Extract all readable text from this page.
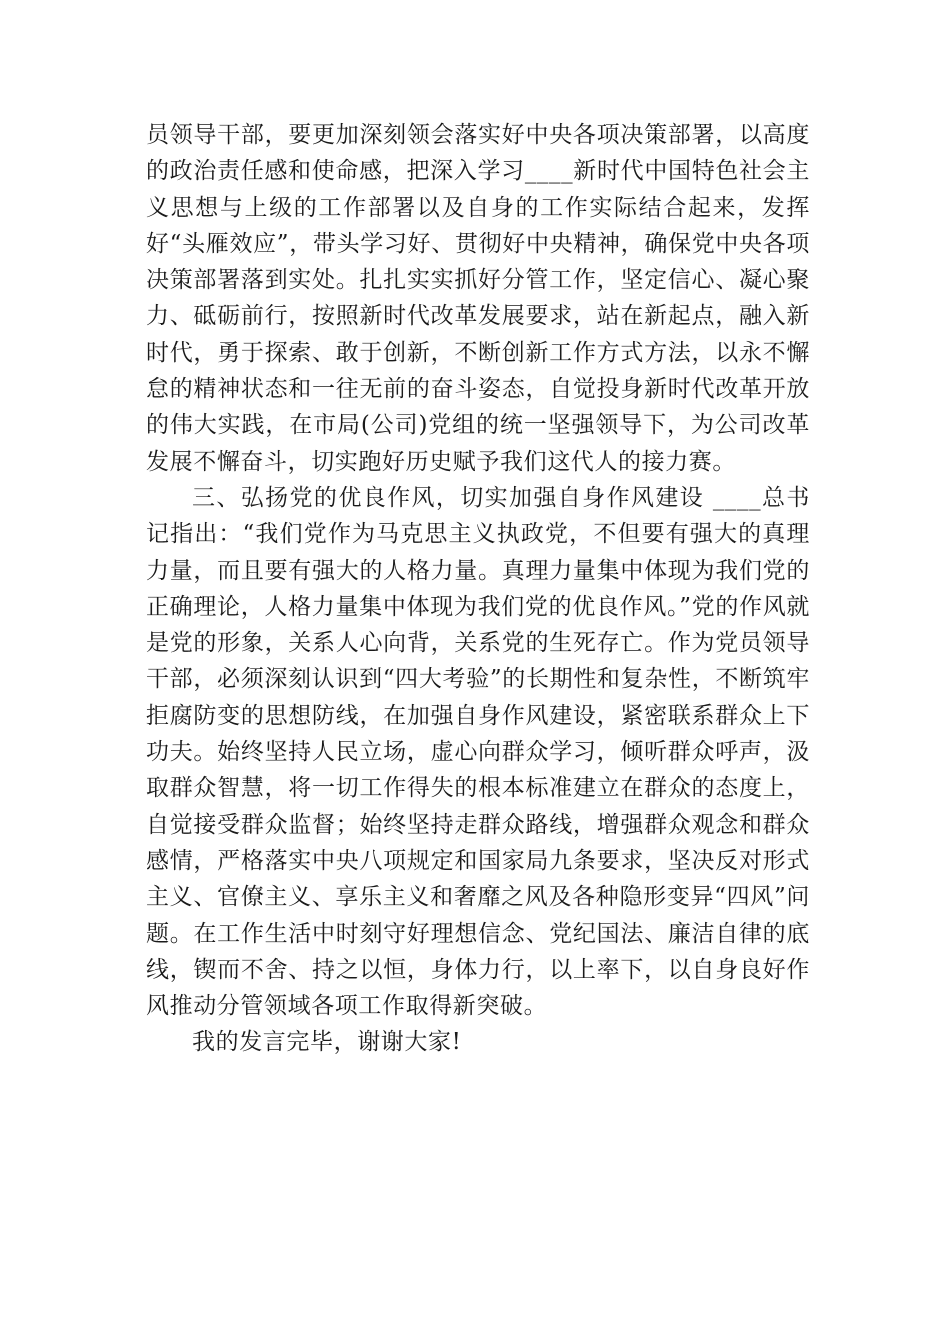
员领导干部，要更加深刻领会落实好中央各项决策部署，以高度的政治责任感和使命感，把深入学习____新时代中国特色社会主义思想与上级的工作部署以及自身的工作实际结合起来，发挥好“头雁效应”，带头学习好、贯彻好中央精神，确保党中央各项决策部署落到实处。扎扎实实抓好分管工作，坚定信心、凝心聚力、砥砺前行，按照新时代改革发展要求，站在新起点，融入新时代，勇于探索、敢于创新，不断创新工作方式方法，以永不懈怠的精神状态和一往无前的奋斗姿态，自觉投身新时代改革开放的伟大实践，在市局(公司)党组的统一坚强领导下，为公司改革发展不懈奋斗，切实跑好历史赋予我们这代人的接力赛。

三、弘扬党的优良作风，切实加强自身作风建设 ____总书记指出：“我们党作为马克思主义执政党，不但要有强大的真理力量，而且要有强大的人格力量。真理力量集中体现为我们党的正确理论，人格力量集中体现为我们党的优良作风。”党的作风就是党的形象，关系人心向背，关系党的生死存亡。作为党员领导干部，必须深刻认识到“四大考验”的长期性和复杂性，不断筑牢拒腐防变的思想防线，在加强自身作风建设，紧密联系群众上下功夫。始终坚持人民立场，虚心向群众学习，倾听群众呼声，汲取群众智慧，将一切工作得失的根本标准建立在群众的态度上，自觉接受群众监督；始终坚持走群众路线，增强群众观念和群众感情，严格落实中央八项规定和国家局九条要求，坚决反对形式主义、官僚主义、享乐主义和奢靡之风及各种隐形变异“四风”问题。在工作生活中时刻守好理想信念、党纪国法、廉洁自律的底线，锲而不舍、持之以恒，身体力行，以上率下，以自身良好作风推动分管领域各项工作取得新突破。

我的发言完毕，谢谢大家!
